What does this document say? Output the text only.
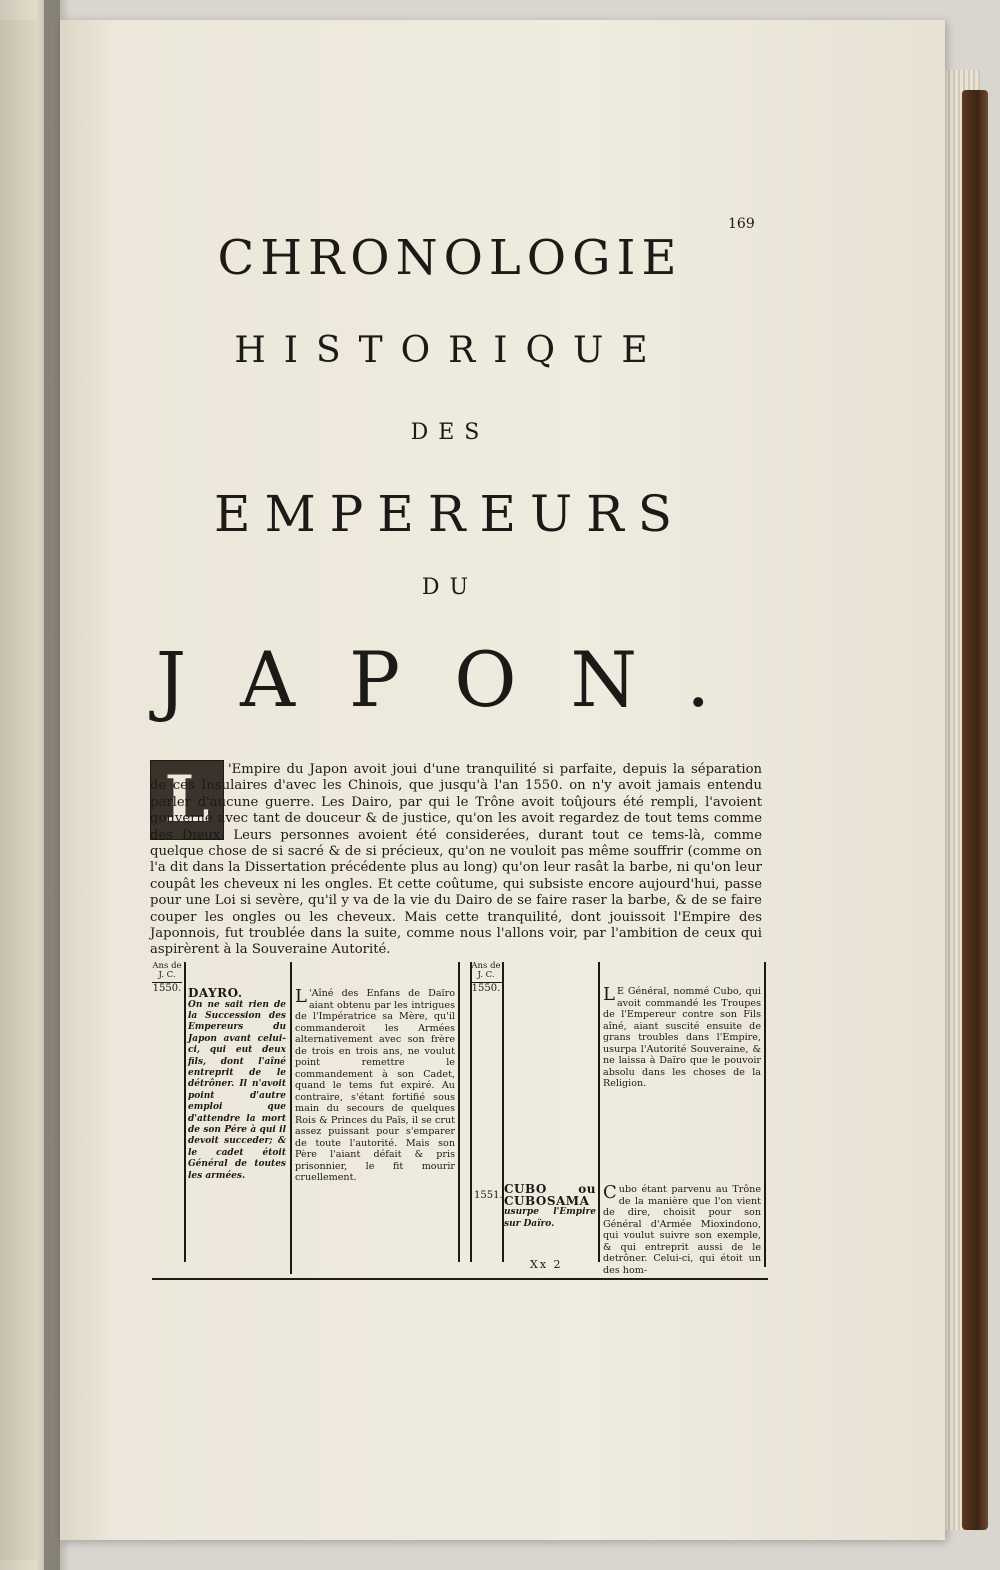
169
CHRONOLOGIE
HISTORIQUE
DES
EMPEREURS
DU
JAPON.
L	'Empire du Japon avoit joui d'une tranquilité si parfaite, depuis la séparation de ces Insulaires d'avec les Chinois, que jusqu'à l'an 1550. on n'y avoit jamais entendu parler d'aucune guerre. Les Dairo, par qui le Trône avoit toûjours été rempli, l'avoient gouverné avec tant de douceur & de justice, qu'on les avoit regardez de tout tems comme des Dieux. Leurs personnes avoient été considerées, durant tout ce tems-là, comme quelque chose de si sacré & de si précieux, qu'on ne vouloit pas même souffrir (comme on l'a dit dans la Dissertation précédente plus au long) qu'on leur rasât la barbe, ni qu'on leur coupât les cheveux ni les ongles. Et cette coûtume, qui subsiste encore aujourd'hui, passe pour une Loi si sevère, qu'il y va de la vie du Dairo de se faire raser la barbe, & de se faire couper les ongles ou les cheveux. Mais cette tranquilité, dont jouissoit l'Empire des Japonnois, fut troublée dans la suite, comme nous l'allons voir, par l'ambition de ceux qui aspirèrent à la Souveraine Autorité.

Ans de J. C.
1550. DAYRO.
On ne sait rien de la Succession des Empereurs du Japon avant celui-ci, qui eut deux fils, dont l'aîné entreprit de le détrôner. Il n'avoit point d'autre emploi que d'attendre la mort de son Pére à qui il devoit succeder; & le cadet étoit Général de toutes les armées.
L 'Aîné des Enfans de Daïro aiant obtenu par les intrigues de l'Impératrice sa Mère, qu'il commanderoit les Armées alternativement avec son frère de trois en trois ans, ne voulut point remettre le commandement à son Cadet, quand le tems fut expiré. Au contraire, s'étant fortifié sous main du secours de quelques Rois & Princes du Païs, il se crut assez puissant pour s'emparer de toute l'autorité. Mais son Père l'aiant défait & pris prisonnier, le fit mourir cruellement.
Ans de J. C.
1550.	L E Général, nommé Cubo, qui avoit commandé les Troupes de l'Empereur contre son Fils aîné, aiant suscité ensuite de grans troubles dans l'Empire, usurpa l'Autorité Souveraine, & ne laissa à Daïro que le pouvoir absolu dans les choses de la Religion.
1551. CUBO ou CUBOSAMA
usurpe l'Empire sur Daïro.
C ubo étant parvenu au Trône de la manière que l'on vient de dire, choisit pour son Général d'Armée Mioxindono, qui voulut suivre son exemple, & qui entreprit aussi de le detrôner. Celui-ci, qui étoit un des hom-
Xx 2
